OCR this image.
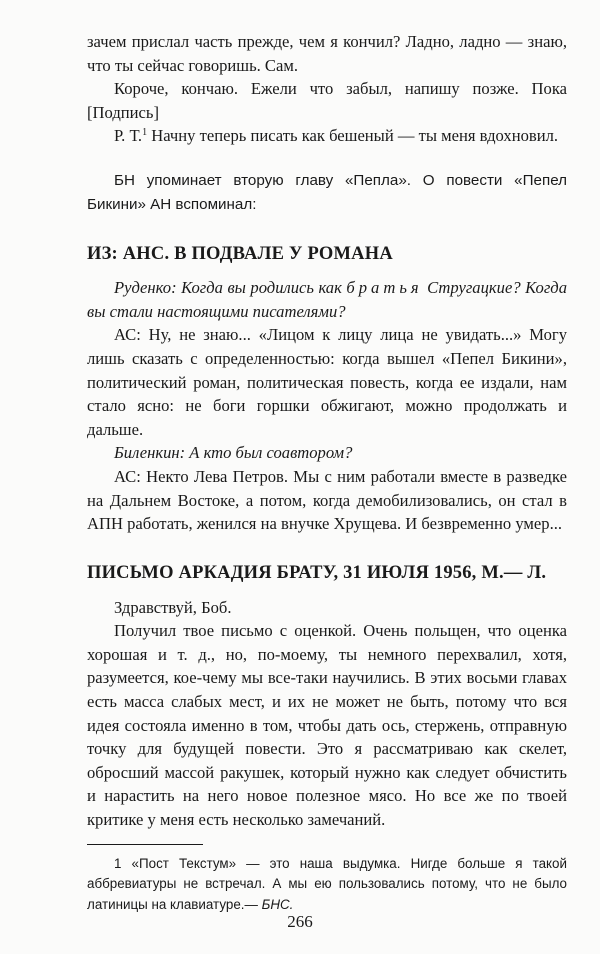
зачем прислал часть прежде, чем я кончил? Ладно, ладно — знаю, что ты сейчас говоришь. Сам.

Короче, кончаю. Ежели что забыл, напишу позже. Пока [Подпись]

Р. Т.$^1$ Начну теперь писать как бешеный — ты меня вдохновил.

БН упоминает вторую главу «Пепла». О повести «Пепел Бикини» АН вспоминал:

ИЗ: АНС. В ПОДВАЛЕ У РОМАНА

Руденко: Когда вы родились как братья Стругацкие? Когда вы стали настоящими писателями?

АС: Ну, не знаю... «Лицом к лицу лица не увидать...» Могу лишь сказать с определенностью: когда вышел «Пепел Бикини», политический роман, политическая повесть, когда ее издали, нам стало ясно: не боги горшки обжигают, можно продолжать и дальше.

Биленкин: А кто был соавтором?

АС: Некто Лева Петров. Мы с ним работали вместе в разведке на Дальнем Востоке, а потом, когда демобилизовались, он стал в АПН работать, женился на внучке Хрущева. И безвременно умер...

ПИСЬМО АРКАДИЯ БРАТУ, 31 ИЮЛЯ 1956, М.— Л.

Здравствуй, Боб.

Получил твое письмо с оценкой. Очень польщен, что оценка хорошая и т. д., но, по-моему, ты немного перехвалил, хотя, разумеется, кое-чему мы все-таки научились. В этих восьми главах есть масса слабых мест, и их не может не быть, потому что вся идея состояла именно в том, чтобы дать ось, стержень, отправную точку для будущей повести. Это я рассматриваю как скелет, обросший массой ракушек, который нужно как следует обчистить и нарастить на него новое полезное мясо. Но все же по твоей критике у меня есть несколько замечаний.

1 «Пост Текстум» — это наша выдумка. Нигде больше я такой аббревиатуры не встречал. А мы ею пользовались потому, что не было латиницы на клавиатуре.— БНС.

266
